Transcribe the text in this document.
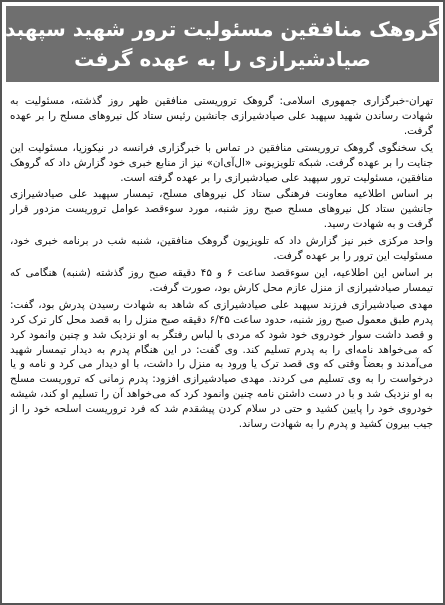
گروهک منافقین مسئولیت ترور شهید سپهبد
صیادشیرازی را به عهده گرفت

تهران-خبرگزاری جمهوری اسلامی: گروهک تروریستی منافقین ظهر روز گذشته، مسئولیت به شهادت رساندن شهید سپهبد علی صیادشیرازی جانشین رئیس ستاد کل نیروهای مسلح را بر عهده گرفت.

یک سخنگوی گروهک تروریستی منافقین در تماس با خبرگزاری فرانسه در نیکوزیا، مسئولیت این جنایت را بر عهده گرفت. شبکه تلویزیونی «ال‌آی‌ان» نیز از منابع خبری خود گزارش داد که گروهک منافقین، مسئولیت ترور سپهبد علی صیادشیرازی را بر عهده گرفته است.

بر اساس اطلاعیه معاونت فرهنگی ستاد کل نیروهای مسلح، تیمسار سپهبد علی صیادشیرازی جانشین ستاد کل نیروهای مسلح صبح روز شنبه، مورد سوءقصد عوامل تروریست مزدور قرار گرفت و به شهادت رسید.

واحد مرکزی خبر نیز گزارش داد که تلویزیون گروهک منافقین، شنبه شب در برنامه خبری خود، مسئولیت این ترور را بر عهده گرفت.

بر اساس این اطلاعیه، این سوءقصد ساعت ۶ و ۴۵ دقیقه صبح روز گذشته (شنبه) هنگامی که تیمسار صیادشیرازی از منزل عازم محل کارش بود، صورت گرفت.

مهدی صیادشیرازی فرزند سپهبد علی صیادشیرازی که شاهد به شهادت رسیدن پدرش بود، گفت: پدرم طبق معمول صبح روز شنبه، حدود ساعت ۶/۴۵ دقیقه صبح منزل را به قصد محل کار ترک کرد و قصد داشت سوار خودروی خود شود که مردی با لباس رفتگر به او نزدیک شد و چنین وانمود کرد که می‌خواهد نامه‌ای را به پدرم تسلیم کند. وی گفت: در این هنگام پدرم به دیدار تیمسار شهید می‌آمدند و بعضاً وقتی که وی قصد ترک یا ورود به منزل را داشت، با او دیدار می کرد و نامه و یا درخواست را به وی تسلیم می کردند. مهدی صیادشیرازی افزود: پدرم زمانی که تروریست مسلح به او نزدیک شد و با در دست داشتن نامه چنین وانمود کرد که می‌خواهد آن را تسلیم او کند، شیشه خودروی خود را پایین کشید و حتی در سلام کردن پیشقدم شد که فرد تروریست اسلحه خود را از جیب بیرون کشید و پدرم را به شهادت رساند.
